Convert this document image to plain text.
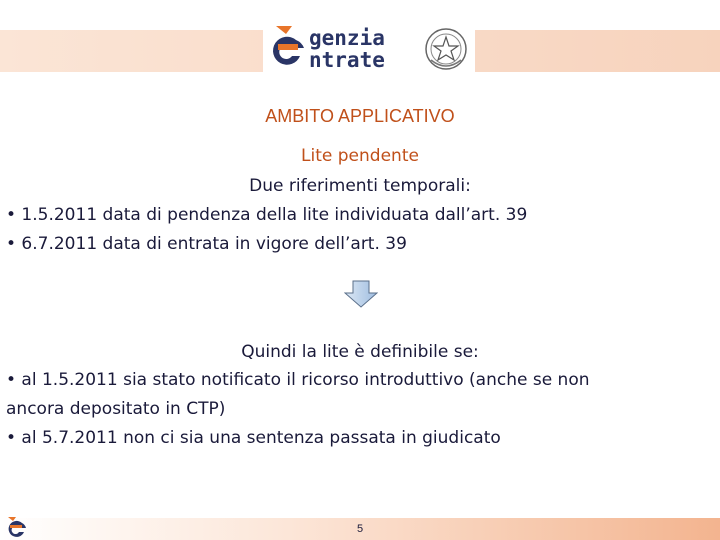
genzia
ntrate
AMBITO APPLICATIVO
Lite pendente
Due riferimenti temporali:
• 1.5.2011 data di pendenza della lite individuata dall’art. 39
• 6.7.2011 data di entrata in vigore dell’art. 39
Quindi la lite è definibile se:
• al 1.5.2011 sia stato notificato il ricorso introduttivo (anche se non
ancora depositato in CTP)
• al 5.7.2011 non ci sia una sentenza passata in giudicato
5
